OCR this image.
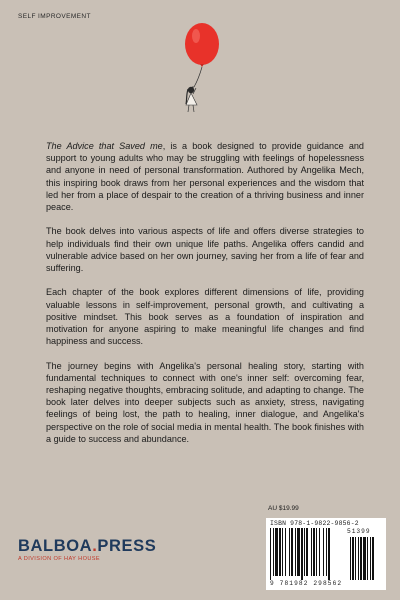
SELF IMPROVEMENT

The Advice that Saved me, is a book designed to provide guidance and support to young adults who may be struggling with feelings of hopelessness and anyone in need of personal transformation. Authored by Angelika Mech, this inspiring book draws from her personal experiences and the wisdom that led her from a place of despair to the creation of a thriving business and inner peace.

The book delves into various aspects of life and offers diverse strategies to help individuals find their own unique life paths. Angelika offers candid and vulnerable advice based on her own journey, saving her from a life of fear and suffering.

Each chapter of the book explores different dimensions of life, providing valuable lessons in self-improvement, personal growth, and cultivating a positive mindset. This book serves as a foundation of inspiration and motivation for anyone aspiring to make meaningful life changes and find happiness and success.

The journey begins with Angelika's personal healing story, starting with fundamental techniques to connect with one's inner self: overcoming fear, reshaping negative thoughts, embracing solitude, and adapting to change. The book later delves into deeper subjects such as anxiety, stress, navigating feelings of being lost, the path to healing, inner dialogue, and Angelika's perspective on the role of social media in mental health. The book finishes with a guide to success and abundance.

BALBOA.PRESS
A DIVISION OF HAY HOUSE
AU $19.99
ISBN 978-1-9822-9856-2
51399
9 781982 298562
